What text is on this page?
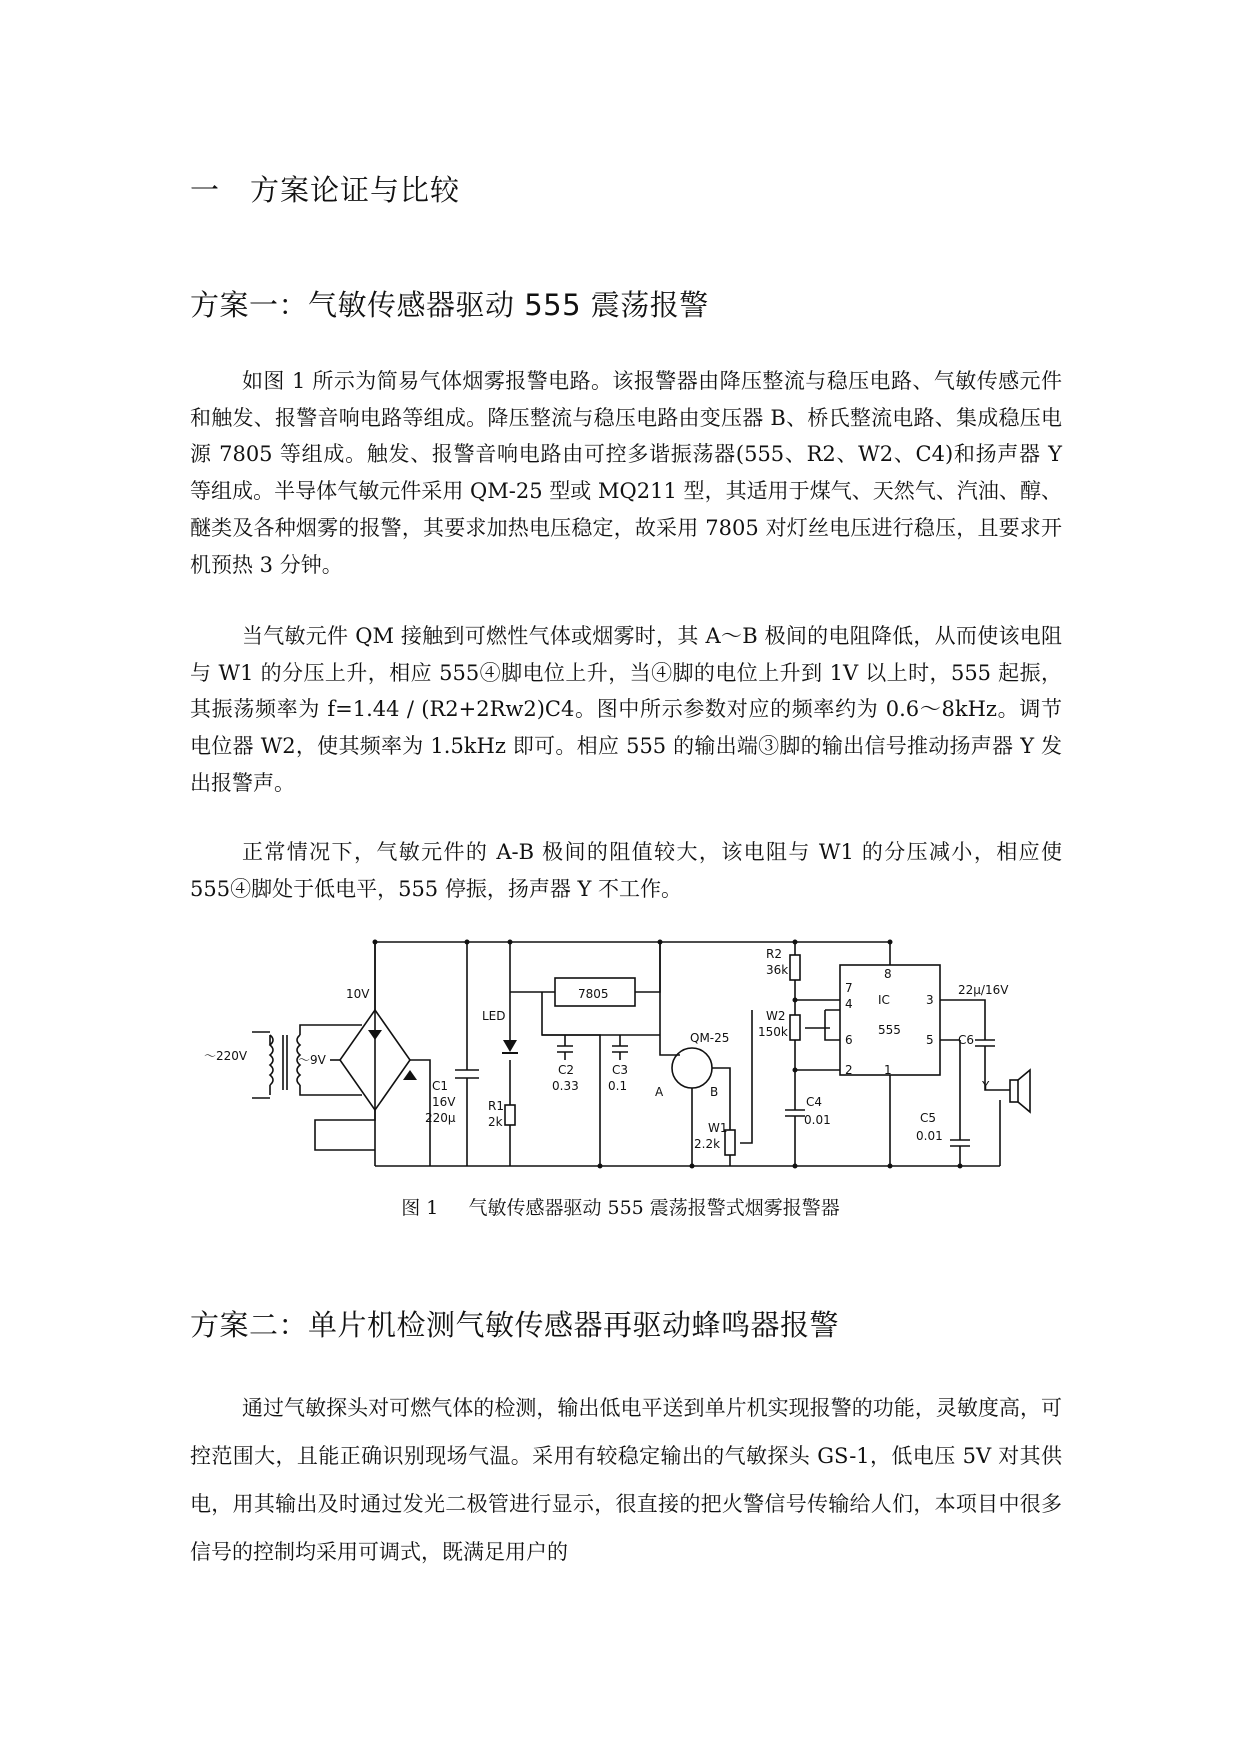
一 方案论证与比较
方案一：气敏传感器驱动 555 震荡报警

如图 1 所示为简易气体烟雾报警电路。该报警器由降压整流与稳压电路、气敏传感元件和触发、报警音响电路等组成。降压整流与稳压电路由变压器 B、桥氏整流电路、集成稳压电源 7805 等组成。触发、报警音响电路由可控多谐振荡器(555、R2、W2、C4)和扬声器 Y 等组成。半导体气敏元件采用 QM-25 型或 MQ211 型，其适用于煤气、天然气、汽油、醇、醚类及各种烟雾的报警，其要求加热电压稳定，故采用 7805 对灯丝电压进行稳压，且要求开机预热 3 分钟。

当气敏元件 QM 接触到可燃性气体或烟雾时，其 A～B 极间的电阻降低，从而使该电阻与 W1 的分压上升，相应 555④脚电位上升，当④脚的电位上升到 1V 以上时，555 起振，其振荡频率为 f=1.44 / (R2+2Rw2)C4。图中所示参数对应的频率约为 0.6～8kHz。调节电位器 W2，使其频率为 1.5kHz 即可。相应 555 的输出端③脚的输出信号推动扬声器 Y 发出报警声。

正常情况下，气敏元件的 A-B 极间的阻值较大，该电阻与 W1 的分压减小，相应使 555④脚处于低电平，555 停振，扬声器 Y 不工作。

10V
～220V	～9V
C1
16V
220μ
LED
R1
2k
7805
C2
0.33
C3
0.1
QM-25
A	B
W1
2.2k
R2
36k
W2
150k
C4
0.01
IC
555
8
7
4
6
2	1
3
5 C6
22μ/16V
C5
0.01
Y
图 1 气敏传感器驱动 555 震荡报警式烟雾报警器
方案二：单片机检测气敏传感器再驱动蜂鸣器报警

通过气敏探头对可燃气体的检测，输出低电平送到单片机实现报警的功能，灵敏度高，可控范围大，且能正确识别现场气温。采用有较稳定输出的气敏探头 GS-1，低电压 5V 对其供电，用其输出及时通过发光二极管进行显示，很直接的把火警信号传输给人们，本项目中很多信号的控制均采用可调式，既满足用户的
